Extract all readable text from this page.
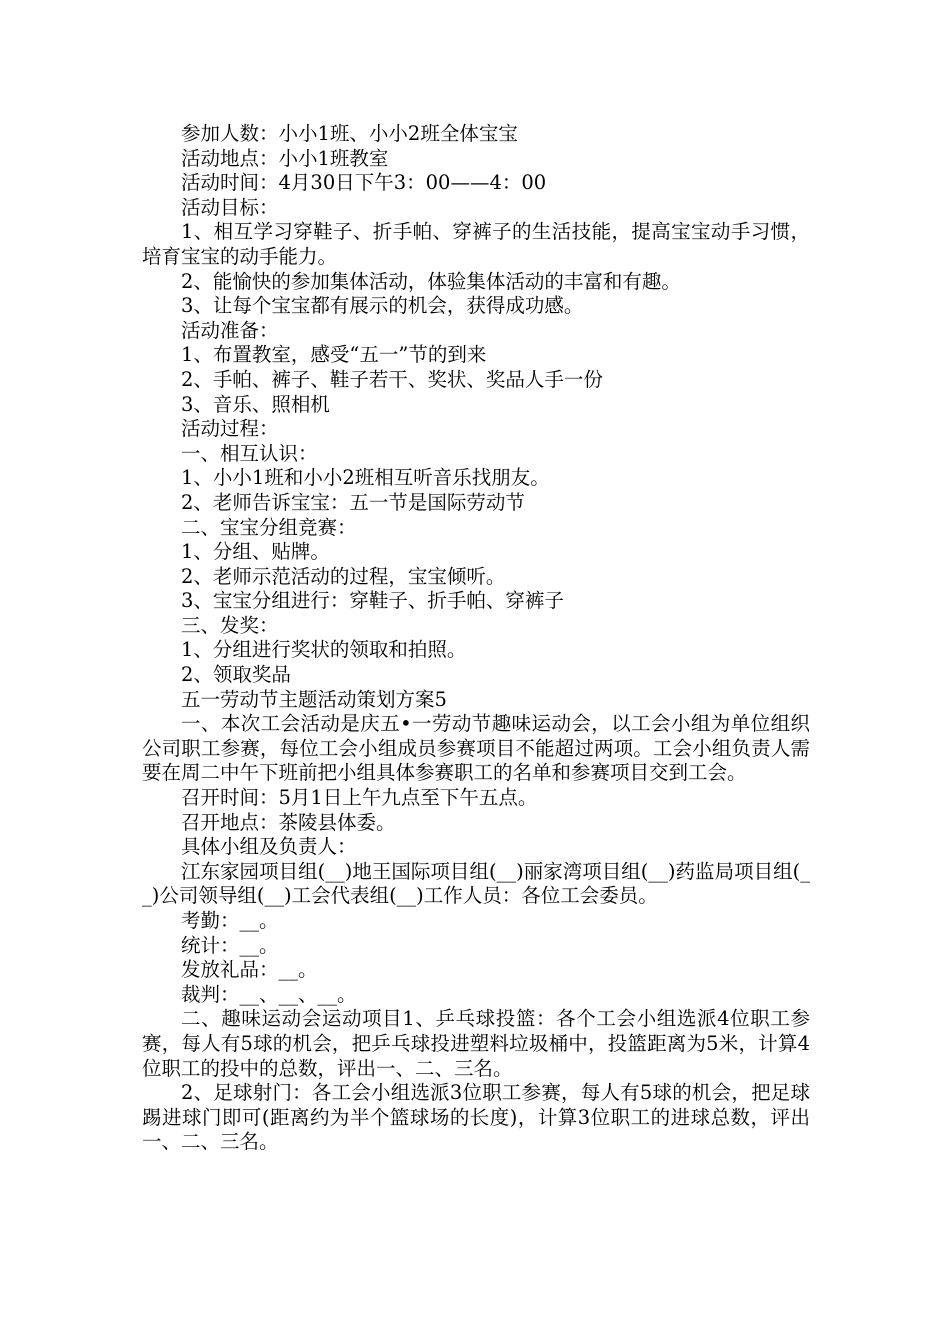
参加人数：小小1班、小小2班全体宝宝

活动地点：小小1班教室

活动时间：4月30日下午3：00——4：00

活动目标：

1、相互学习穿鞋子、折手帕、穿裤子的生活技能，提高宝宝动手习惯，培育宝宝的动手能力。

2、能愉快的参加集体活动，体验集体活动的丰富和有趣。

3、让每个宝宝都有展示的机会，获得成功感。

活动准备：

1、布置教室，感受“五一”节的到来

2、手帕、裤子、鞋子若干、奖状、奖品人手一份

3、音乐、照相机

活动过程：

一、相互认识：

1、小小1班和小小2班相互听音乐找朋友。

2、老师告诉宝宝：五一节是国际劳动节

二、宝宝分组竞赛：

1、分组、贴牌。

2、老师示范活动的过程，宝宝倾听。

3、宝宝分组进行：穿鞋子、折手帕、穿裤子

三、发奖：

1、分组进行奖状的领取和拍照。

2、领取奖品

五一劳动节主题活动策划方案5

一、本次工会活动是庆五•一劳动节趣味运动会，以工会小组为单位组织公司职工参赛，每位工会小组成员参赛项目不能超过两项。工会小组负责人需要在周二中午下班前把小组具体参赛职工的名单和参赛项目交到工会。

召开时间：5月1日上午九点至下午五点。

召开地点：茶陵县体委。

具体小组及负责人：

江东家园项目组(__)地王国际项目组(__)丽家湾项目组(__)药监局项目组(__)公司领导组(__)工会代表组(__)工作人员：各位工会委员。

考勤：__。

统计：__。

发放礼品：__。

裁判：__、__、__。

二、趣味运动会运动项目1、乒乓球投篮：各个工会小组选派4位职工参赛，每人有5球的机会，把乒乓球投进塑料垃圾桶中，投篮距离为5米，计算4位职工的投中的总数，评出一、二、三名。

2、足球射门：各工会小组选派3位职工参赛，每人有5球的机会，把足球踢进球门即可(距离约为半个篮球场的长度)，计算3位职工的进球总数，评出一、二、三名。
